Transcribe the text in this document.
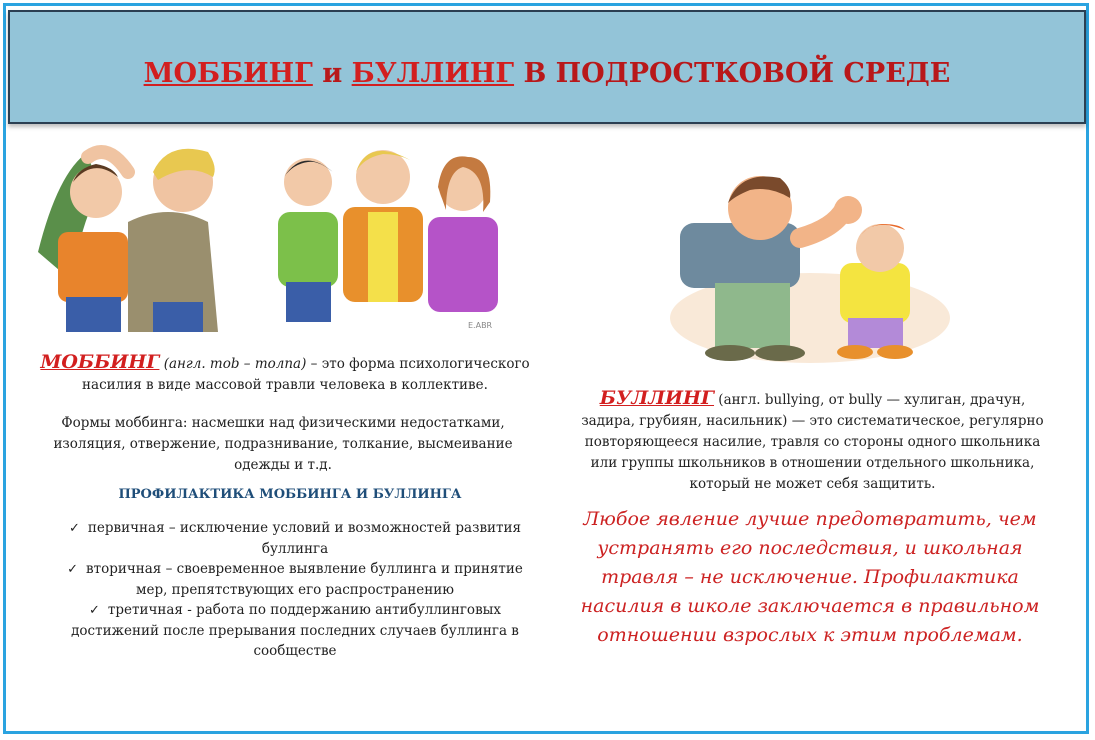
МОББИНГ и БУЛЛИНГ В ПОДРОСТКОВОЙ СРЕДЕ
E.ABR
МОББИНГ (англ. mob – толпа) – это форма психологического насилия в виде массовой травли человека в коллективе.
Формы моббинга: насмешки над физическими недостатками, изоляция, отвержение, подразнивание, толкание, высмеивание одежды и т.д.
ПРОФИЛАКТИКА МОББИНГА И БУЛЛИНГА
✓ первичная – исключение условий и возможностей развития буллинга
✓ вторичная – своевременное выявление буллинга и принятие мер, препятствующих его распространению
✓ третичная - работа по поддержанию антибуллинговых достижений после прерывания последних случаев буллинга в сообществе
БУЛЛИНГ (англ. bullying, от bully — хулиган, драчун, задира, грубиян, насильник) — это систематическое, регулярно повторяющееся насилие, травля со стороны одного школьника или группы школьников в отношении отдельного школьника, который не может себя защитить.
Любое явление лучше предотвратить, чем устранять его последствия, и школьная травля – не исключение. Профилактика насилия в школе заключается в правильном отношении взрослых к этим проблемам.
